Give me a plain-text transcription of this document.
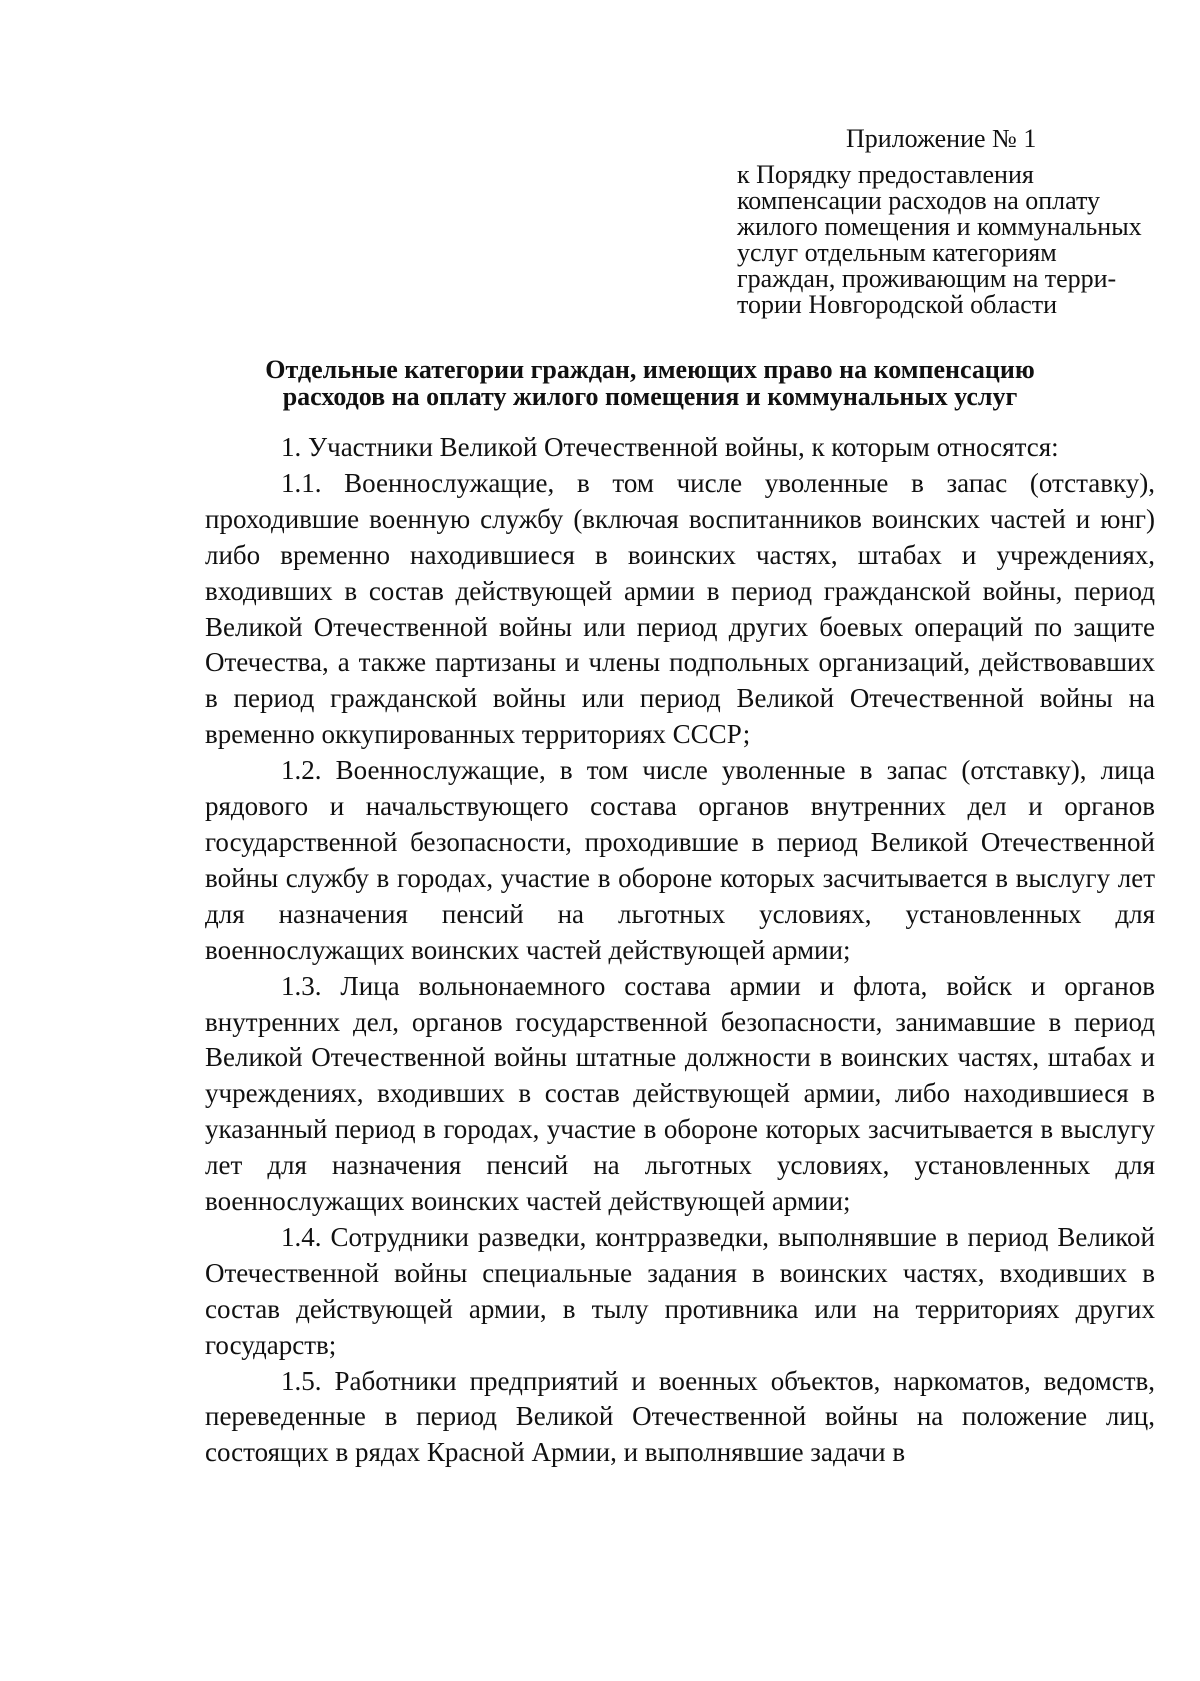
Приложение № 1

к Порядку предоставления
компенсации расходов на оплату
жилого помещения и коммунальных
услуг отдельным категориям
граждан, проживающим на терри-
тории Новгородской области
Отдельные категории граждан, имеющих право на компенсацию
расходов на оплату жилого помещения и коммунальных услуг

1. Участники Великой Отечественной войны, к которым относятся:

1.1. Военнослужащие, в том числе уволенные в запас (отставку), проходившие военную службу (включая воспитанников воинских частей и юнг) либо временно находившиеся в воинских частях, штабах и учреждениях, входивших в состав действующей армии в период гражданской войны, период Великой Отечественной войны или период других боевых операций по защите Отечества, а также партизаны и члены подпольных организаций, действовавших в период гражданской войны или период Великой Отечественной войны на временно оккупированных территориях СССР;

1.2. Военнослужащие, в том числе уволенные в запас (отставку), лица рядового и начальствующего состава органов внутренних дел и органов государственной безопасности, проходившие в период Великой Отечественной войны службу в городах, участие в обороне которых засчитывается в выслугу лет для назначения пенсий на льготных условиях, установленных для военнослужащих воинских частей действующей армии;

1.3. Лица вольнонаемного состава армии и флота, войск и органов внутренних дел, органов государственной безопасности, занимавшие в период Великой Отечественной войны штатные должности в воинских частях, штабах и учреждениях, входивших в состав действующей армии, либо находившиеся в указанный период в городах, участие в обороне которых засчитывается в выслугу лет для назначения пенсий на льготных условиях, установленных для военнослужащих воинских частей действующей армии;

1.4. Сотрудники разведки, контрразведки, выполнявшие в период Великой Отечественной войны специальные задания в воинских частях, входивших в состав действующей армии, в тылу противника или на территориях других государств;

1.5. Работники предприятий и военных объектов, наркоматов, ведомств, переведенные в период Великой Отечественной войны на положение лиц, состоящих в рядах Красной Армии, и выполнявшие задачи в
